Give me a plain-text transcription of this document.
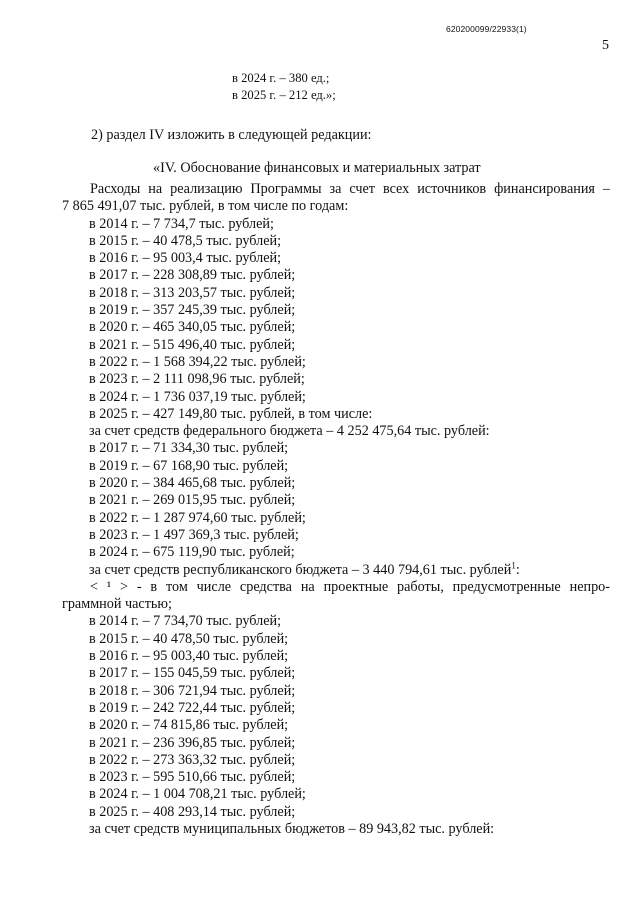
620200099/22933(1)
5
в 2024 г. – 380 ед.;
в 2025 г. – 212 ед.»;
2) раздел IV изложить в следующей редакции:
«IV. Обоснование финансовых и материальных затрат
Расходы на реализацию Программы за счет всех источников финансирования –
7 865 491,07 тыс. рублей, в том числе по годам:
в 2014 г. – 7 734,7 тыс. рублей;
в 2015 г. – 40 478,5 тыс. рублей;
в 2016 г. – 95 003,4 тыс. рублей;
в 2017 г. – 228 308,89 тыс. рублей;
в 2018 г. – 313 203,57 тыс. рублей;
в 2019 г. – 357 245,39 тыс. рублей;
в 2020 г. – 465 340,05 тыс. рублей;
в 2021 г. – 515 496,40 тыс. рублей;
в 2022 г. – 1 568 394,22 тыс. рублей;
в 2023 г. – 2 111 098,96 тыс. рублей;
в 2024 г. – 1 736 037,19 тыс. рублей;
в 2025 г. – 427 149,80 тыс. рублей, в том числе:
за счет средств федерального бюджета – 4 252 475,64 тыс. рублей:
в 2017 г. – 71 334,30 тыс. рублей;
в 2019 г. – 67 168,90 тыс. рублей;
в 2020 г. – 384 465,68 тыс. рублей;
в 2021 г. – 269 015,95 тыс. рублей;
в 2022 г. – 1 287 974,60 тыс. рублей;
в 2023 г. – 1 497 369,3 тыс. рублей;
в 2024 г. – 675 119,90 тыс. рублей;
за счет средств республиканского бюджета – 3 440 794,61 тыс. рублей$^1$:
< ¹ > - в том числе средства на проектные работы, предусмотренные непро-
граммной частью;
в 2014 г. – 7 734,70 тыс. рублей;
в 2015 г. – 40 478,50 тыс. рублей;
в 2016 г. – 95 003,40 тыс. рублей;
в 2017 г. – 155 045,59 тыс. рублей;
в 2018 г. – 306 721,94 тыс. рублей;
в 2019 г. – 242 722,44 тыс. рублей;
в 2020 г. – 74 815,86 тыс. рублей;
в 2021 г. – 236 396,85 тыс. рублей;
в 2022 г. – 273 363,32 тыс. рублей;
в 2023 г. – 595 510,66 тыс. рублей;
в 2024 г. – 1 004 708,21 тыс. рублей;
в 2025 г. – 408 293,14 тыс. рублей;
за счет средств муниципальных бюджетов – 89 943,82 тыс. рублей:
